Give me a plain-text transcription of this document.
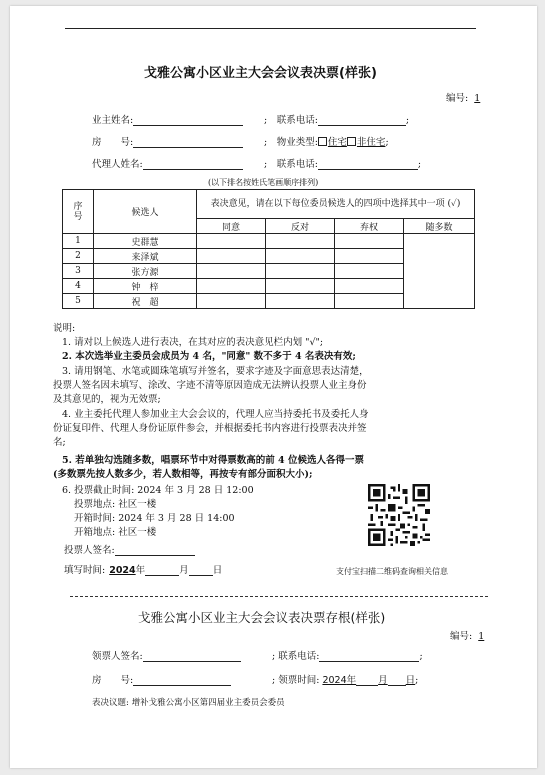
戈雅公寓小区业主大会会议表决票(样张)
编号: 1
业主姓名:	;　联系电话:	;
房　　号:	;　物业类型: 住宅 非住宅;
代理人姓名:	;　联系电话:	;
(以下排名按姓氏笔画顺序排列)
序号	候选人	表决意见，请在以下每位委员候选人的四项中选择其中一项 (✓)			
		同意	反对	弃权	随多数
1	史群慧				
2	来泽斌				
3	张方源				
4	钟　梓				
5	祝　超				
说明:
1. 请对以上候选人进行表决，在其对应的表决意见栏内划 "√";
2. 本次选举业主委员会成员为 4 名，"同意" 数不多于 4 名表决有效;
3. 请用钢笔、水笔或圆珠笔填写并签名，要求字迹及字面意思表达清楚，
投票人签名因未填写、涂改、字迹不清等原因造成无法辨认投票人业主身份
及其意见的，视为无效票;
4. 业主委托代理人参加业主大会会议的，代理人应当持委托书及委托人身
份证复印件、代理人身份证原件参会，并根据委托书内容进行投票表决并签
名;
5. 若单独勾选随多数，唱票环节中对得票数高的前 4 位候选人各得一票
(多数票先按人数多少，若人数相等，再按专有部分面积大小);
6. 投票截止时间: 2024 年 3 月 28 日 12:00
投票地点: 社区一楼
开箱时间: 2024 年 3 月 28 日 14:00
开箱地点: 社区一楼
投票人签名:
填写时间: 2024年	月	日	支付宝扫描二维码查询相关信息
戈雅公寓小区业主大会会议表决票存根(样张)
编号: 1
领票人签名:	; 联系电话:	;
房　　号:	; 领票时间: 2024年 月 日;
表决议题: 增补戈雅公寓小区第四届业主委员会委员
